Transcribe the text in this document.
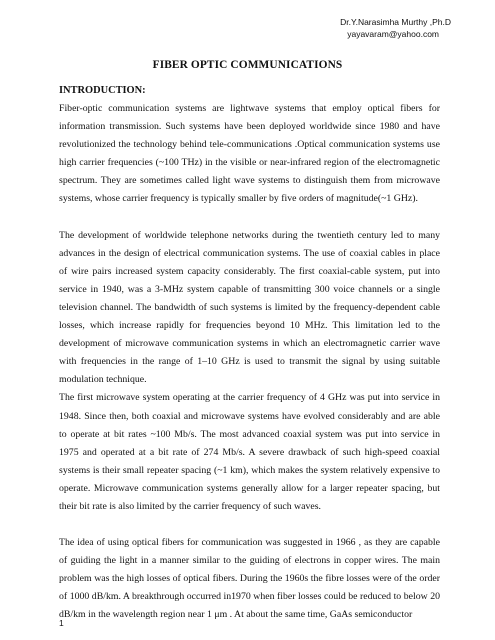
Dr.Y.Narasimha Murthy ,Ph.D
yayavaram@yahoo.com
FIBER OPTIC COMMUNICATIONS

INTRODUCTION:

Fiber-optic communication systems are lightwave systems that employ optical fibers for information transmission. Such systems have been deployed worldwide since 1980 and have revolutionized the technology behind tele-communications .Optical communication systems use high carrier frequencies (~100 THz) in the visible or near-infrared region of the electromagnetic spectrum. They are sometimes called light wave systems to distinguish them from microwave systems, whose carrier frequency is typically smaller by five orders of magnitude(~1 GHz).

The development of worldwide telephone networks during the twentieth century led to many advances in the design of electrical communication systems. The use of coaxial cables in place of wire pairs increased system capacity considerably. The first coaxial-cable system, put into service in 1940, was a 3-MHz system capable of transmitting 300 voice channels or a single television channel. The bandwidth of such systems is limited by the frequency-dependent cable losses, which increase rapidly for frequencies beyond 10 MHz. This limitation led to the development of microwave communication systems in which an electromagnetic carrier wave with frequencies in the range of 1–10 GHz is used to transmit the signal by using suitable modulation technique.

The first microwave system operating at the carrier frequency of 4 GHz was put into service in 1948. Since then, both coaxial and microwave systems have evolved considerably and are able to operate at bit rates ~100 Mb/s. The most advanced coaxial system was put into service in 1975 and operated at a bit rate of 274 Mb/s. A severe drawback of such high-speed coaxial systems is their small repeater spacing (~1 km), which makes the system relatively expensive to operate. Microwave communication systems generally allow for a larger repeater spacing, but their bit rate is also limited by the carrier frequency of such waves.

The idea of using optical fibers for communication was suggested in 1966 , as they are capable of guiding the light in a manner similar to the guiding of electrons in copper wires. The main problem was the high losses of optical fibers. During the 1960s the fibre losses were of the order of 1000 dB/km. A breakthrough occurred in1970 when fiber losses could be reduced to below 20 dB/km in the wavelength region near 1 μm . At about the same time, GaAs semiconductor

1
